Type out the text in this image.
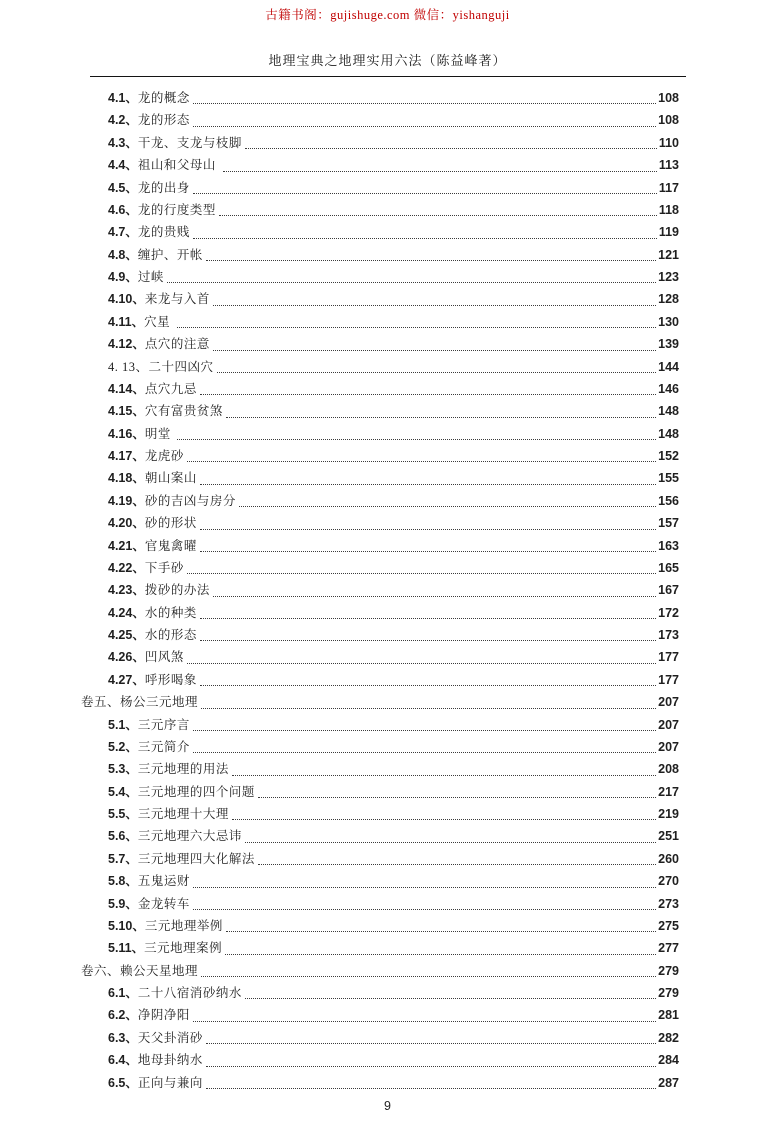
古籍书阁：gujishuge.com 微信：yishanguji
地理宝典之地理实用六法（陈益峰著）
4.1、 龙的概念	108
4.2、 龙的形态	108
4.3、 干龙、支龙与枝脚	110
4.4、 祖山和父母山	113
4.5、 龙的出身	117
4.6、 龙的行度类型	118
4.7、 龙的贵贱	119
4.8、 缠护、开帐	121
4.9、 过峡	123
4.10、 来龙与入首	128
4.11、 穴星	130
4.12、 点穴的注意	139
4. 13、 二十四凶穴	144
4.14、 点穴九忌	146
4.15、 穴有富贵贫煞	148
4.16、 明堂	148
4.17、 龙虎砂	152
4.18、 朝山案山	155
4.19、 砂的吉凶与房分	156
4.20、 砂的形状	157
4.21、 官鬼禽曜	163
4.22、 下手砂	165
4.23、 拨砂的办法	167
4.24、 水的种类	172
4.25、 水的形态	173
4.26、 凹风煞	177
4.27、 呼形喝象	177
卷五、 杨公三元地理	207
5.1、 三元序言	207
5.2、 三元简介	207
5.3、 三元地理的用法	208
5.4、 三元地理的四个问题	217
5.5、 三元地理十大理	219
5.6、 三元地理六大忌讳	251
5.7、 三元地理四大化解法	260
5.8、 五鬼运财	270
5.9、 金龙转车	273
5.10、 三元地理举例	275
5.11、 三元地理案例	277
卷六、 赖公天星地理	279
6.1、 二十八宿消砂纳水	279
6.2、 净阴净阳	281
6.3、 天父卦消砂	282
6.4、 地母卦纳水	284
6.5、 正向与兼向	287
9
